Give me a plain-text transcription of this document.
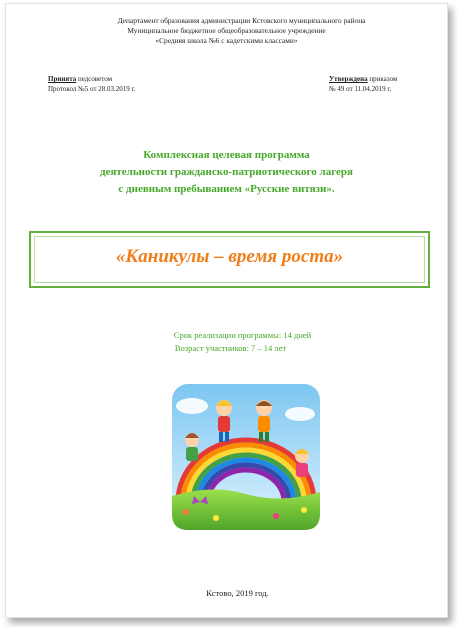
Департамент образования администрации Кстовского муниципального района
Муниципальное бюджетное общеобразовательное учреждение
«Средняя школа №6 с кадетскими классами»
Принята педсоветом
Протокол №5 от 28.03.2019 г.
Утверждена приказом
№ 49 от 11.04.2019 г.
Комплексная целевая программа
деятельности гражданско-патриотического лагеря
с дневным пребыванием «Русские витязи».
«Каникулы – время роста»
Срок реализации программы: 14 дней
Возраст участников: 7 – 14 лет
Кстово, 2019 год.
